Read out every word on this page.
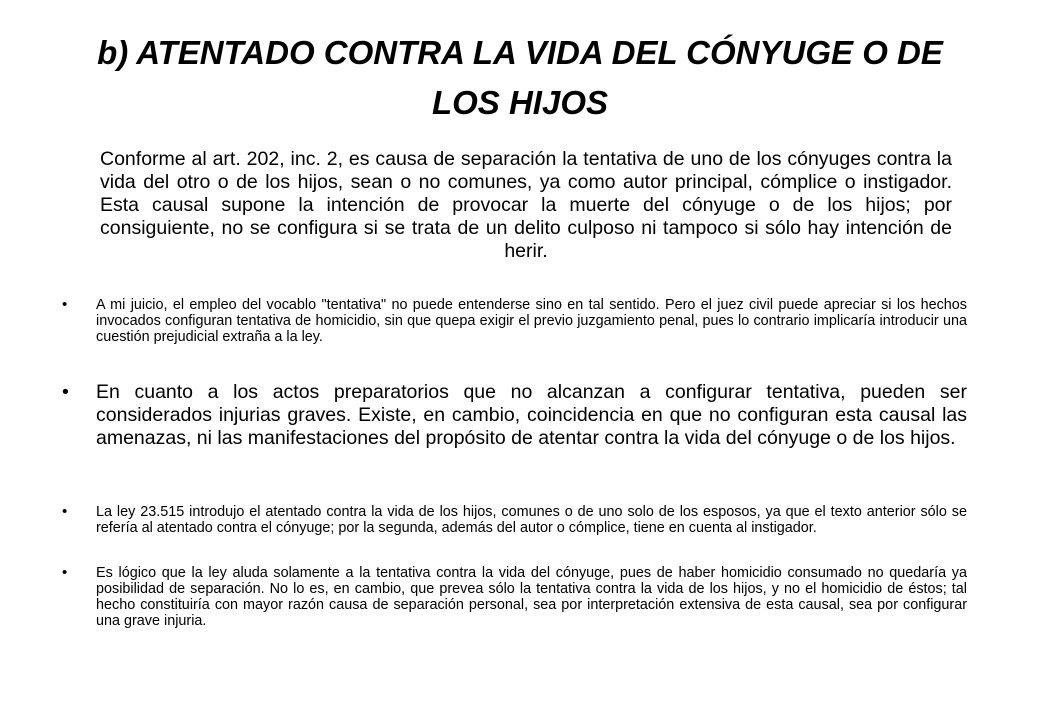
b) ATENTADO CONTRA LA VIDA DEL CÓNYUGE O DE LOS HIJOS

Conforme al art. 202, inc. 2, es causa de separación la tentativa de uno de los cónyuges contra la vida del otro o de los hijos, sean o no comunes, ya como autor principal, cómplice o instigador. Esta causal supone la intención de provocar la muerte del cónyuge o de los hijos; por consiguiente, no se configura si se trata de un delito culposo ni tampoco si sólo hay intención de herir.

•	A mi juicio, el empleo del vocablo "tentativa" no puede entenderse sino en tal sentido. Pero el juez civil puede apreciar si los hechos invocados configuran tentativa de homicidio, sin que quepa exigir el previo juzgamiento penal, pues lo contrario implicaría introducir una cuestión prejudicial extraña a la ley.
•	En cuanto a los actos preparatorios que no alcanzan a configurar tentativa, pueden ser considerados injurias graves. Existe, en cambio, coincidencia en que no configuran esta causal las amenazas, ni las manifestaciones del propósito de atentar contra la vida del cónyuge o de los hijos.
•	La ley 23.515 introdujo el atentado contra la vida de los hijos, comunes o de uno solo de los esposos, ya que el texto anterior sólo se refería al atentado contra el cónyuge; por la segunda, además del autor o cómplice, tiene en cuenta al instigador.
•	Es lógico que la ley aluda solamente a la tentativa contra la vida del cónyuge, pues de haber homicidio consumado no quedaría ya posibilidad de separación. No lo es, en cambio, que prevea sólo la tentativa contra la vida de los hijos, y no el homicidio de éstos; tal hecho constituiría con mayor razón causa de separación personal, sea por interpretación extensiva de esta causal, sea por configurar una grave injuria.
